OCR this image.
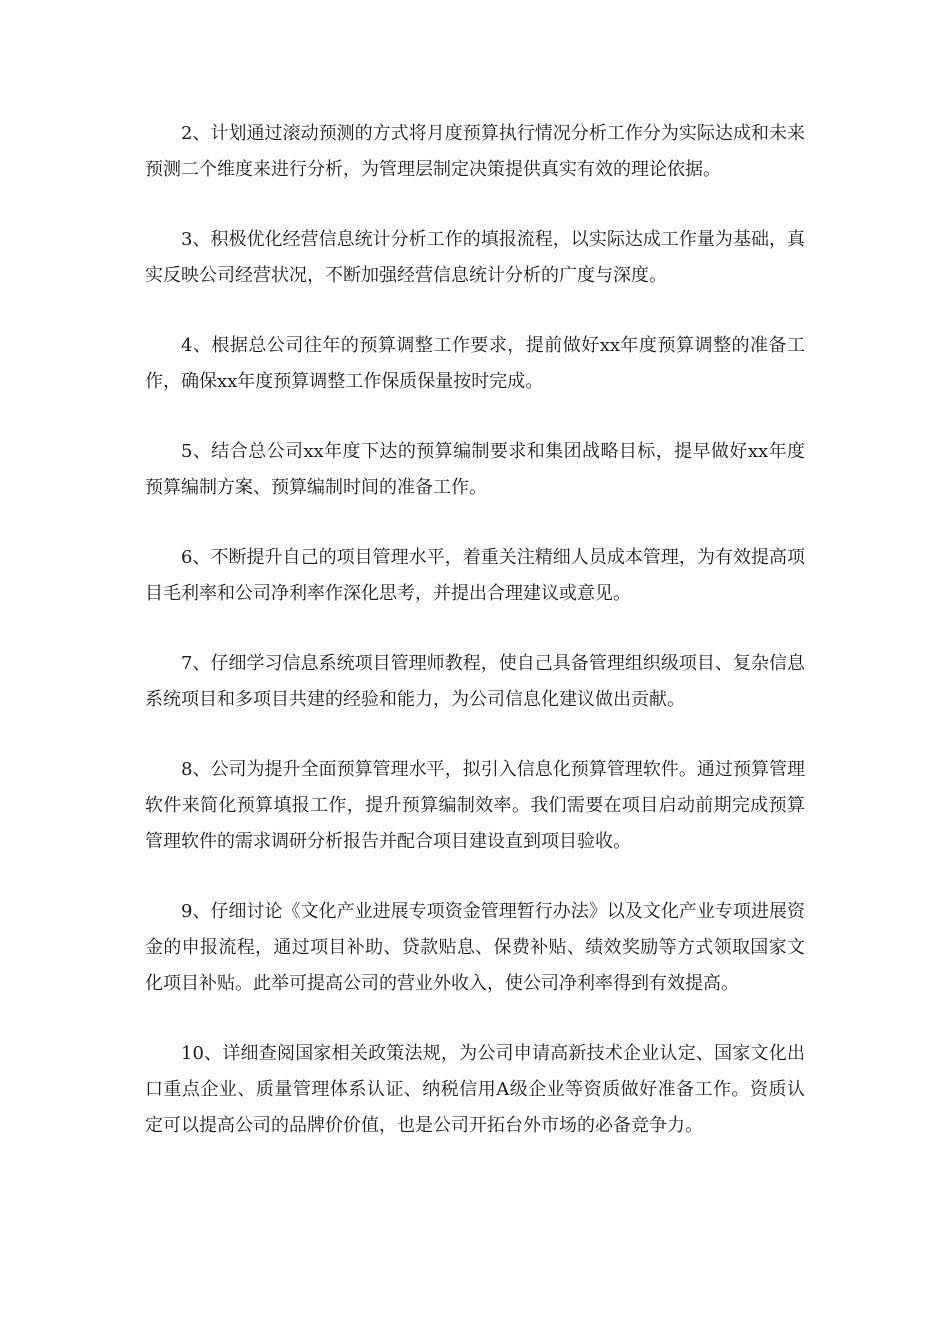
2、计划通过滚动预测的方式将月度预算执行情况分析工作分为实际达成和未来预测二个维度来进行分析，为管理层制定决策提供真实有效的理论依据。

3、积极优化经营信息统计分析工作的填报流程，以实际达成工作量为基础，真实反映公司经营状况，不断加强经营信息统计分析的广度与深度。

4、根据总公司往年的预算调整工作要求，提前做好xx年度预算调整的准备工作，确保xx年度预算调整工作保质保量按时完成。

5、结合总公司xx年度下达的预算编制要求和集团战略目标，提早做好xx年度预算编制方案、预算编制时间的准备工作。

6、不断提升自己的项目管理水平，着重关注精细人员成本管理，为有效提高项目毛利率和公司净利率作深化思考，并提出合理建议或意见。

7、仔细学习信息系统项目管理师教程，使自己具备管理组织级项目、复杂信息系统项目和多项目共建的经验和能力，为公司信息化建议做出贡献。

8、公司为提升全面预算管理水平，拟引入信息化预算管理软件。通过预算管理软件来简化预算填报工作，提升预算编制效率。我们需要在项目启动前期完成预算管理软件的需求调研分析报告并配合项目建设直到项目验收。

9、仔细讨论《文化产业进展专项资金管理暂行办法》以及文化产业专项进展资金的申报流程，通过项目补助、贷款贴息、保费补贴、绩效奖励等方式领取国家文化项目补贴。此举可提高公司的营业外收入，使公司净利率得到有效提高。

10、详细查阅国家相关政策法规，为公司申请高新技术企业认定、国家文化出口重点企业、质量管理体系认证、纳税信用A级企业等资质做好准备工作。资质认定可以提高公司的品牌价价值，也是公司开拓台外市场的必备竞争力。
